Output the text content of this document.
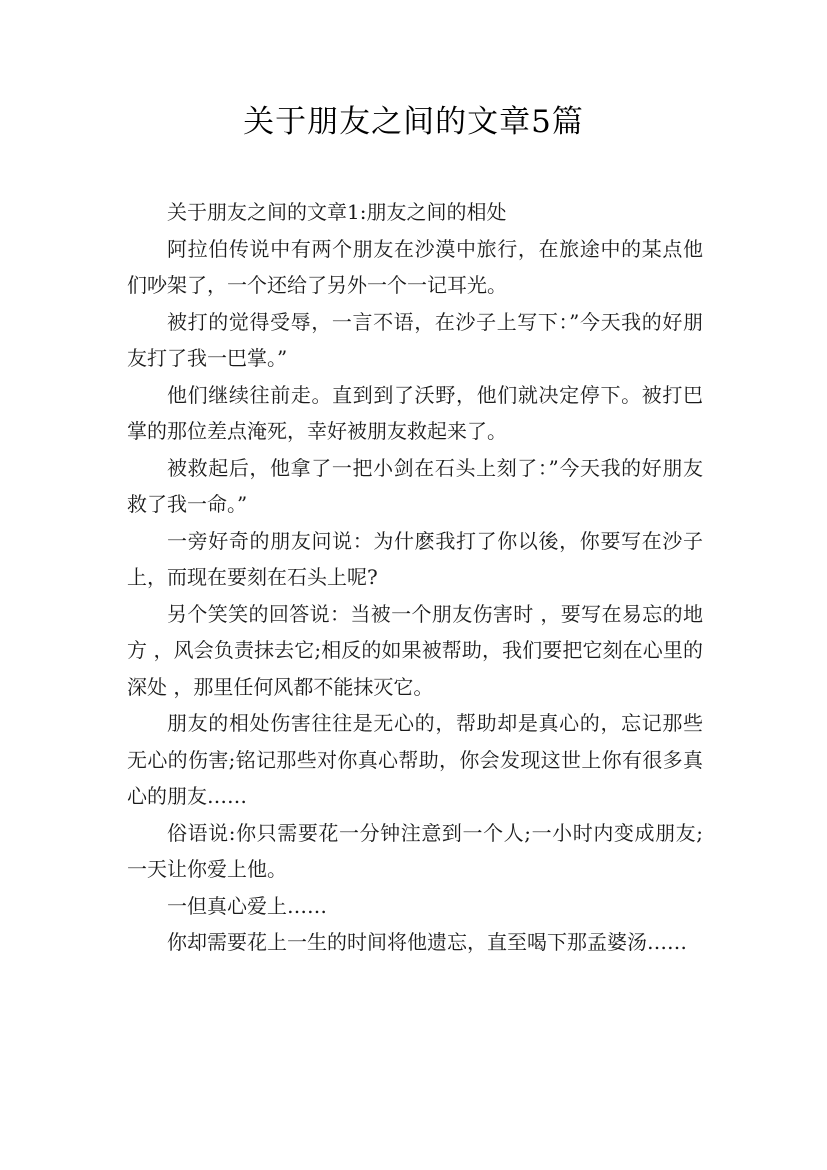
关于朋友之间的文章5篇

关于朋友之间的文章1:朋友之间的相处

阿拉伯传说中有两个朋友在沙漠中旅行，在旅途中的某点他们吵架了，一个还给了另外一个一记耳光。

被打的觉得受辱，一言不语，在沙子上写下：”今天我的好朋友打了我一巴掌。”

他们继续往前走。直到到了沃野，他们就决定停下。被打巴掌的那位差点淹死，幸好被朋友救起来了。

被救起后，他拿了一把小剑在石头上刻了：”今天我的好朋友救了我一命。”

一旁好奇的朋友问说：为什麽我打了你以後，你要写在沙子上，而现在要刻在石头上呢?

另个笑笑的回答说：当被一个朋友伤害时 ，要写在易忘的地方 ，风会负责抹去它;相反的如果被帮助，我们要把它刻在心里的深处 ，那里任何风都不能抹灭它。

朋友的相处伤害往往是无心的，帮助却是真心的，忘记那些无心的伤害;铭记那些对你真心帮助，你会发现这世上你有很多真心的朋友……

俗语说:你只需要花一分钟注意到一个人;一小时内变成朋友;一天让你爱上他。

一但真心爱上……

你却需要花上一生的时间将他遗忘，直至喝下那孟婆汤……
